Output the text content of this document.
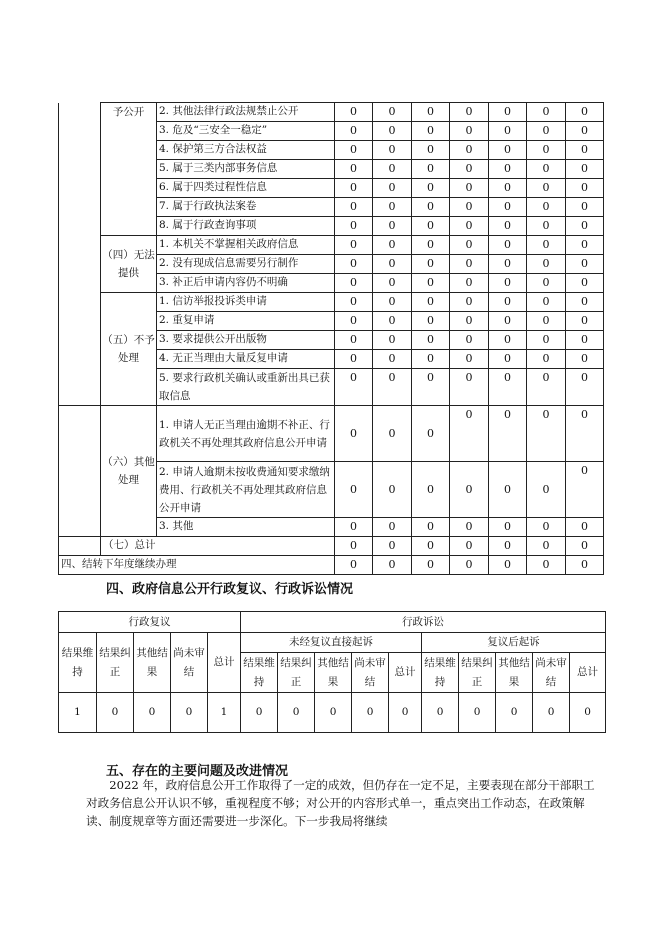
	予公开	2. 其他法律行政法规禁止公开	0	0	0	0	0	0	0
		3. 危及“三安全一稳定”	0	0	0	0	0	0	0
		4. 保护第三方合法权益	0	0	0	0	0	0	0
		5. 属于三类内部事务信息	0	0	0	0	0	0	0
		6. 属于四类过程性信息	0	0	0	0	0	0	0
		7. 属于行政执法案卷	0	0	0	0	0	0	0
		8. 属于行政查询事项	0	0	0	0	0	0	0
	（四）无法提供	1. 本机关不掌握相关政府信息	0	0	0	0	0	0	0
		2. 没有现成信息需要另行制作	0	0	0	0	0	0	0
		3. 补正后申请内容仍不明确	0	0	0	0	0	0	0
	（五）不予处理	1. 信访举报投诉类申请	0	0	0	0	0	0	0
		2. 重复申请	0	0	0	0	0	0	0
		3. 要求提供公开出版物	0	0	0	0	0	0	0
		4. 无正当理由大量反复申请	0	0	0	0	0	0	0
		5. 要求行政机关确认或重新出具已获取信息	0	0	0	0	0	0	0
	（六）其他处理	1. 申请人无正当理由逾期不补正、行政机关不再处理其政府信息公开申请	0	0	0	0	0	0	0
		2. 申请人逾期未按收费通知要求缴纳费用、行政机关不再处理其政府信息公开申请	0	0	0	0	0	0	0
		3. 其他	0	0	0	0	0	0	0
	（七）总计		0	0	0	0	0	0	0
四、结转下年度继续办理			0	0	0	0	0	0	0
四、政府信息公开行政复议、行政诉讼情况
行政复议					行政诉讼									
结果维持	结果纠正	其他结果	尚未审结	总计	未经复议直接起诉					复议后起诉				
					结果维持	结果纠正	其他结果	尚未审结	总计	结果维持	结果纠正	其他结果	尚未审结	总计
1	0	0	0	1	0	0	0	0	0	0	0	0	0	0
五、存在的主要问题及改进情况
2022 年，政府信息公开工作取得了一定的成效，但仍存在一定不足，主要表现在部分干部职工对政务信息公开认识不够，重视程度不够；对公开的内容形式单一，重点突出工作动态，在政策解读、制度规章等方面还需要进一步深化。下一步我局将继续
